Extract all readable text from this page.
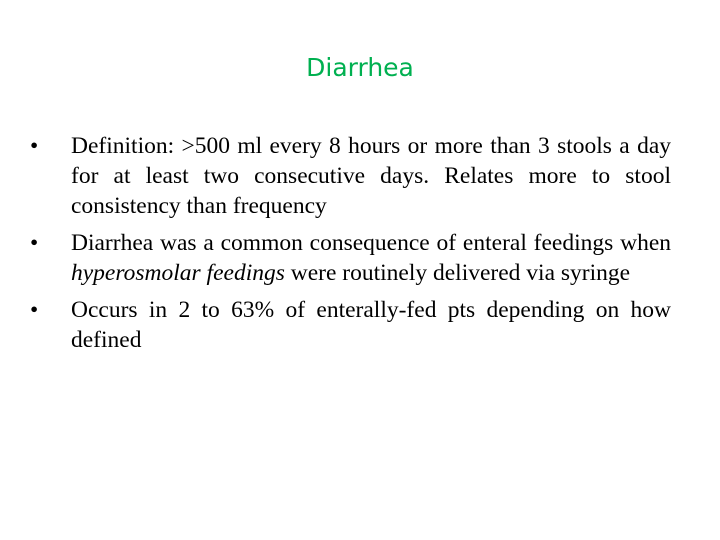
Diarrhea
•	Definition: >500 ml every 8 hours or more than 3 stools a day for at least two consecutive days. Relates more to stool consistency than frequency
•	Diarrhea was a common consequence of enteral feedings when hyperosmolar feedings were routinely delivered via syringe
•	Occurs in 2 to 63% of enterally-fed pts depending on how defined
